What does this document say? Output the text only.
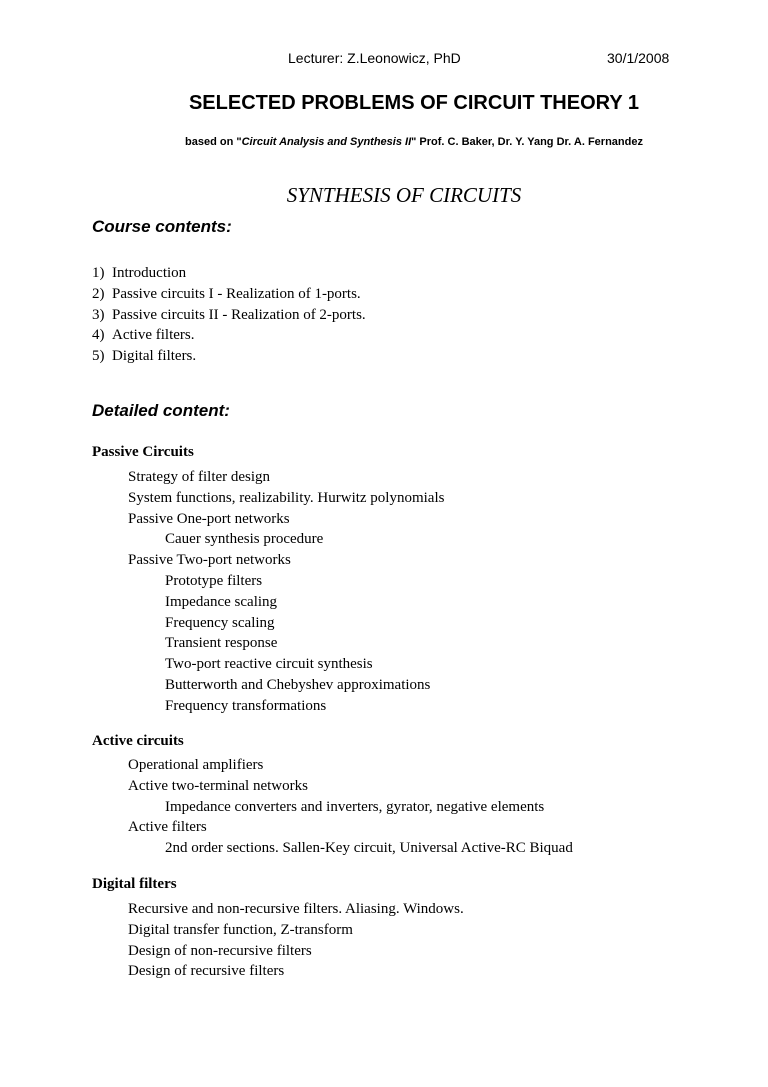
Lecturer: Z.Leonowicz, PhD	30/1/2008
SELECTED PROBLEMS OF CIRCUIT THEORY 1
based on "Circuit Analysis and Synthesis II" Prof. C. Baker, Dr. Y. Yang Dr. A. Fernandez
SYNTHESIS OF CIRCUITS
Course contents:
1) Introduction
2) Passive circuits I - Realization of 1-ports.
3) Passive circuits II - Realization of 2-ports.
4) Active filters.
5) Digital filters.
Detailed content:
Passive Circuits
Strategy of filter design
System functions, realizability. Hurwitz polynomials
Passive One-port networks
Cauer synthesis procedure
Passive Two-port networks
Prototype filters
Impedance scaling
Frequency scaling
Transient response
Two-port reactive circuit synthesis
Butterworth and Chebyshev approximations
Frequency transformations
Active circuits
Operational amplifiers
Active two-terminal networks
Impedance converters and inverters, gyrator, negative elements
Active filters
2nd order sections. Sallen-Key circuit, Universal Active-RC Biquad
Digital filters
Recursive and non-recursive filters. Aliasing. Windows.
Digital transfer function, Z-transform
Design of non-recursive filters
Design of recursive filters
